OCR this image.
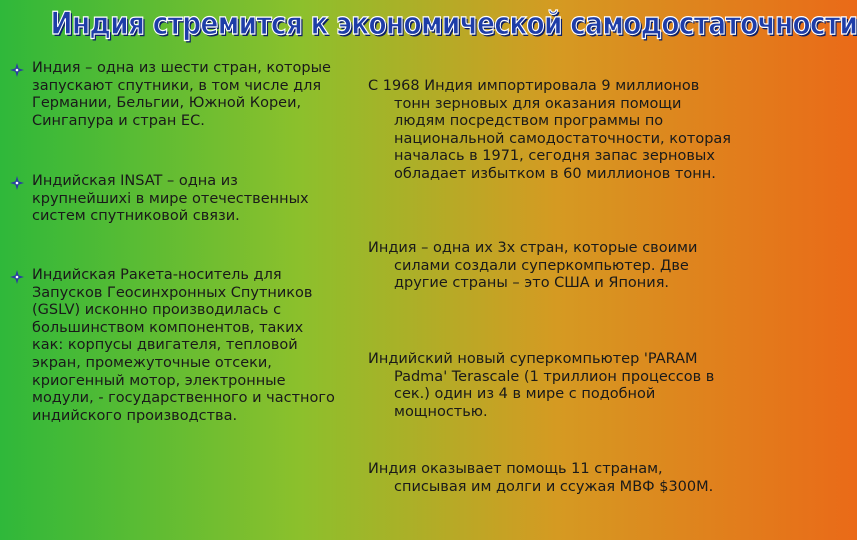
Индия стремится к экономической самодостаточности
Индия – одна из шести стран, которые запускают спутники, в том числе для Германии, Бельгии, Южной Кореи, Сингапура и стран ЕС.
Индийская INSAT – одна из крупнейшихі в мире отечественных систем спутниковой связи.
Индийская Ракета-носитель для Запусков Геосинхронных Спутников (GSLV) исконно производилась с большинством компонентов, таких как: корпусы двигателя, тепловой экран, промежуточные отсеки, криогенный мотор, электронные модули, - государственного и частного индийского производства.
С 1968 Индия импортировала 9 миллионов тонн зерновых для оказания помощи людям посредством программы по национальной самодостаточности, которая началась в 1971, сегодня запас зерновых обладает избытком в 60 миллионов тонн.
Индия – одна их 3х стран, которые своими силами создали суперкомпьютер. Две другие страны – это США и Япония.
Индийский новый суперкомпьютер 'PARAM Padma' Terascale (1 триллион процессов в сек.) один из 4 в мире с подобной мощностью.
Индия оказывает помощь 11 странам, списывая им долги и ссужая МВФ $300M.
